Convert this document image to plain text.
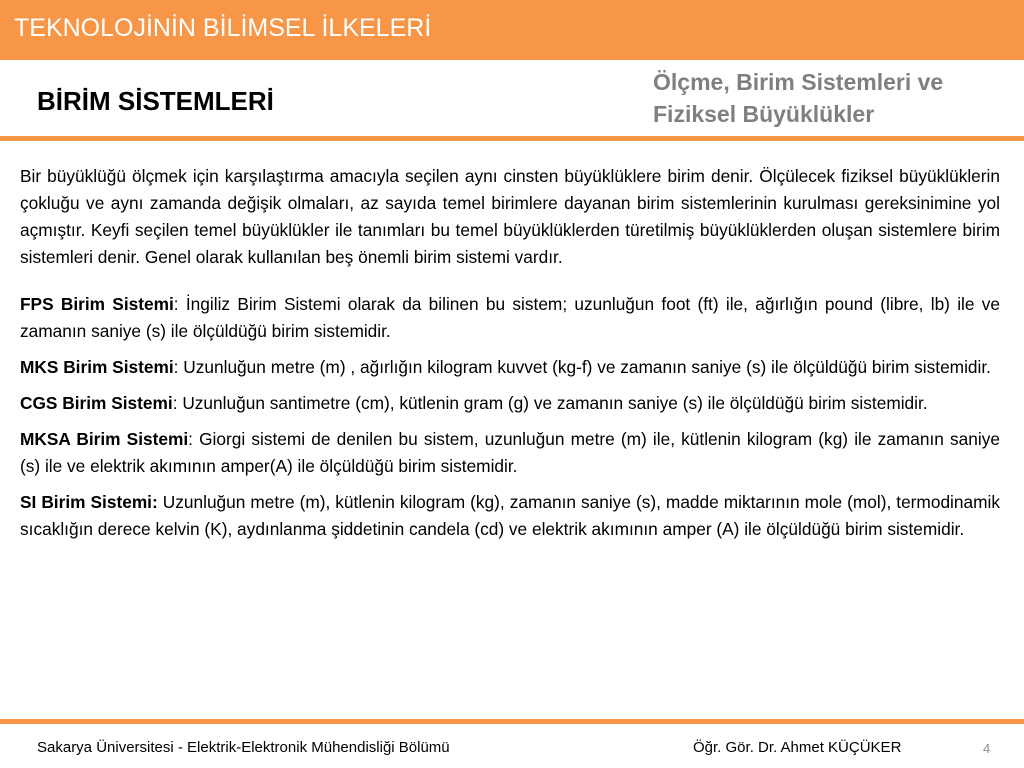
TEKNOLOJİNİN BİLİMSEL İLKELERİ
BİRİM SİSTEMLERİ
Ölçme, Birim Sistemleri ve
Fiziksel Büyüklükler

Bir büyüklüğü ölçmek için karşılaştırma amacıyla seçilen aynı cinsten büyüklüklere birim denir. Ölçülecek fiziksel büyüklüklerin çokluğu ve aynı zamanda değişik olmaları, az sayıda temel birimlere dayanan birim sistemlerinin kurulması gereksinimine yol açmıştır. Keyfi seçilen temel büyüklükler ile tanımları bu temel büyüklüklerden türetilmiş büyüklüklerden oluşan sistemlere birim sistemleri denir. Genel olarak kullanılan beş önemli birim sistemi vardır.

FPS Birim Sistemi: İngiliz Birim Sistemi olarak da bilinen bu sistem; uzunluğun foot (ft) ile, ağırlığın pound (libre, lb) ile ve zamanın saniye (s) ile ölçüldüğü birim sistemidir.

MKS Birim Sistemi: Uzunluğun metre (m) , ağırlığın kilogram kuvvet (kg-f) ve zamanın saniye (s) ile ölçüldüğü birim sistemidir.

CGS Birim Sistemi: Uzunluğun santimetre (cm), kütlenin gram (g) ve zamanın saniye (s) ile ölçüldüğü birim sistemidir.

MKSA Birim Sistemi: Giorgi sistemi de denilen bu sistem, uzunluğun metre (m) ile, kütlenin kilogram (kg) ile zamanın saniye (s) ile ve elektrik akımının amper(A) ile ölçüldüğü birim sistemidir.

SI Birim Sistemi: Uzunluğun metre (m), kütlenin kilogram (kg), zamanın saniye (s), madde miktarının mole (mol), termodinamik sıcaklığın derece kelvin (K), aydınlanma şiddetinin candela (cd) ve elektrik akımının amper (A) ile ölçüldüğü birim sistemidir.

Sakarya Üniversitesi - Elektrik-Elektronik Mühendisliği Bölümü	Öğr. Gör. Dr. Ahmet KÜÇÜKER	4
